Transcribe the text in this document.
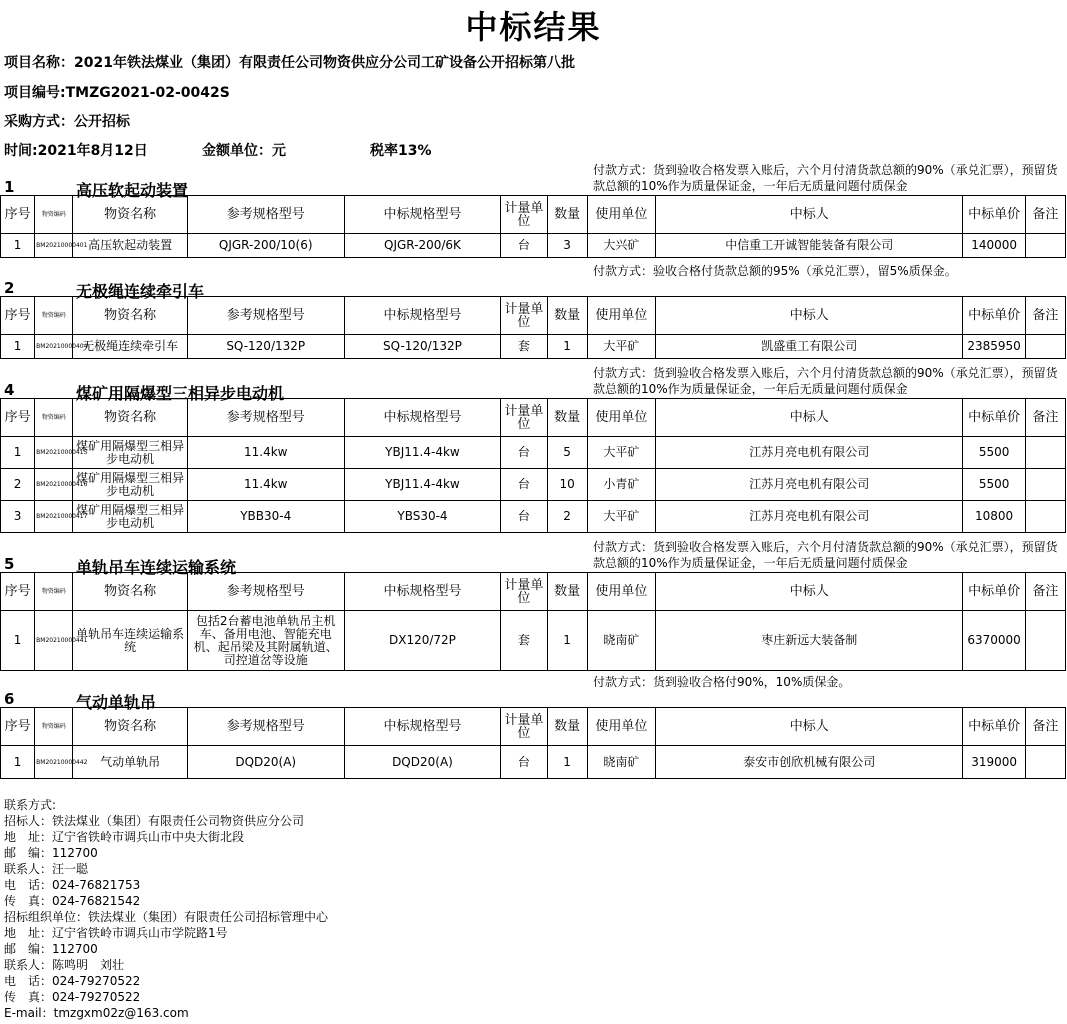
中标结果
项目名称：2021年铁法煤业（集团）有限责任公司物资供应分公司工矿设备公开招标第八批
项目编号:TMZG2021-02-0042S
采购方式：公开招标
时间:2021年8月12日	金额单位：元	税率13%
1	高压软起动装置
付款方式：货到验收合格发票入账后，六个月付清货款总额的90%（承兑汇票），预留货款总额的10%作为质量保证金，一年后无质量问题付质保金
序号	物资编码	物资名称	参考规格型号	中标规格型号	计量单位	数量	使用单位	中标人	中标单价	备注
1	BM20210000401	高压软起动装置	QJGR-200/10(6)	QJGR-200/6K	台	3	大兴矿	中信重工开诚智能装备有限公司	140000	
2	无极绳连续牵引车
付款方式：验收合格付货款总额的95%（承兑汇票），留5%质保金。
序号	物资编码	物资名称	参考规格型号	中标规格型号	计量单位	数量	使用单位	中标人	中标单价	备注
1	BM20210000404	无极绳连续牵引车	SQ-120/132P	SQ-120/132P	套	1	大平矿	凯盛重工有限公司	2385950	
4	煤矿用隔爆型三相异步电动机
付款方式：货到验收合格发票入账后，六个月付清货款总额的90%（承兑汇票），预留货款总额的10%作为质量保证金，一年后无质量问题付质保金
序号	物资编码	物资名称	参考规格型号	中标规格型号	计量单位	数量	使用单位	中标人	中标单价	备注
1	BM20210000415	煤矿用隔爆型三相异步电动机	11.4kw	YBJ11.4-4kw	台	5	大平矿	江苏月亮电机有限公司	5500	
2	BM20210000416	煤矿用隔爆型三相异步电动机	11.4kw	YBJ11.4-4kw	台	10	小青矿	江苏月亮电机有限公司	5500	
3	BM20210000417	煤矿用隔爆型三相异步电动机	YBB30-4	YBS30-4	台	2	大平矿	江苏月亮电机有限公司	10800	
5	单轨吊车连续运输系统
付款方式：货到验收合格发票入账后，六个月付清货款总额的90%（承兑汇票），预留货款总额的10%作为质量保证金，一年后无质量问题付质保金
序号	物资编码	物资名称	参考规格型号	中标规格型号	计量单位	数量	使用单位	中标人	中标单价	备注
1	BM20210000441	单轨吊车连续运输系统	包括2台蓄电池单轨吊主机车、备用电池、智能充电机、起吊梁及其附属轨道、司控道岔等设施	DX120/72P	套	1	晓南矿	枣庄新远大装备制	6370000	
6	气动单轨吊
付款方式：货到验收合格付90%，10%质保金。
序号	物资编码	物资名称	参考规格型号	中标规格型号	计量单位	数量	使用单位	中标人	中标单价	备注
1	BM20210000442	气动单轨吊	DQD20(A)	DQD20(A)	台	1	晓南矿	泰安市创欣机械有限公司	319000	
联系方式:
招标人：铁法煤业（集团）有限责任公司物资供应分公司
地　址：辽宁省铁岭市调兵山市中央大街北段
邮　编：112700
联系人：汪一聪
电　话：024-76821753
传　真：024-76821542
招标组织单位：铁法煤业（集团）有限责任公司招标管理中心
地　址：辽宁省铁岭市调兵山市学院路1号
邮　编：112700
联系人：陈鸣明　刘壮
电　话：024-79270522
传　真：024-79270522
E-mail：tmzgxm02z@163.com
